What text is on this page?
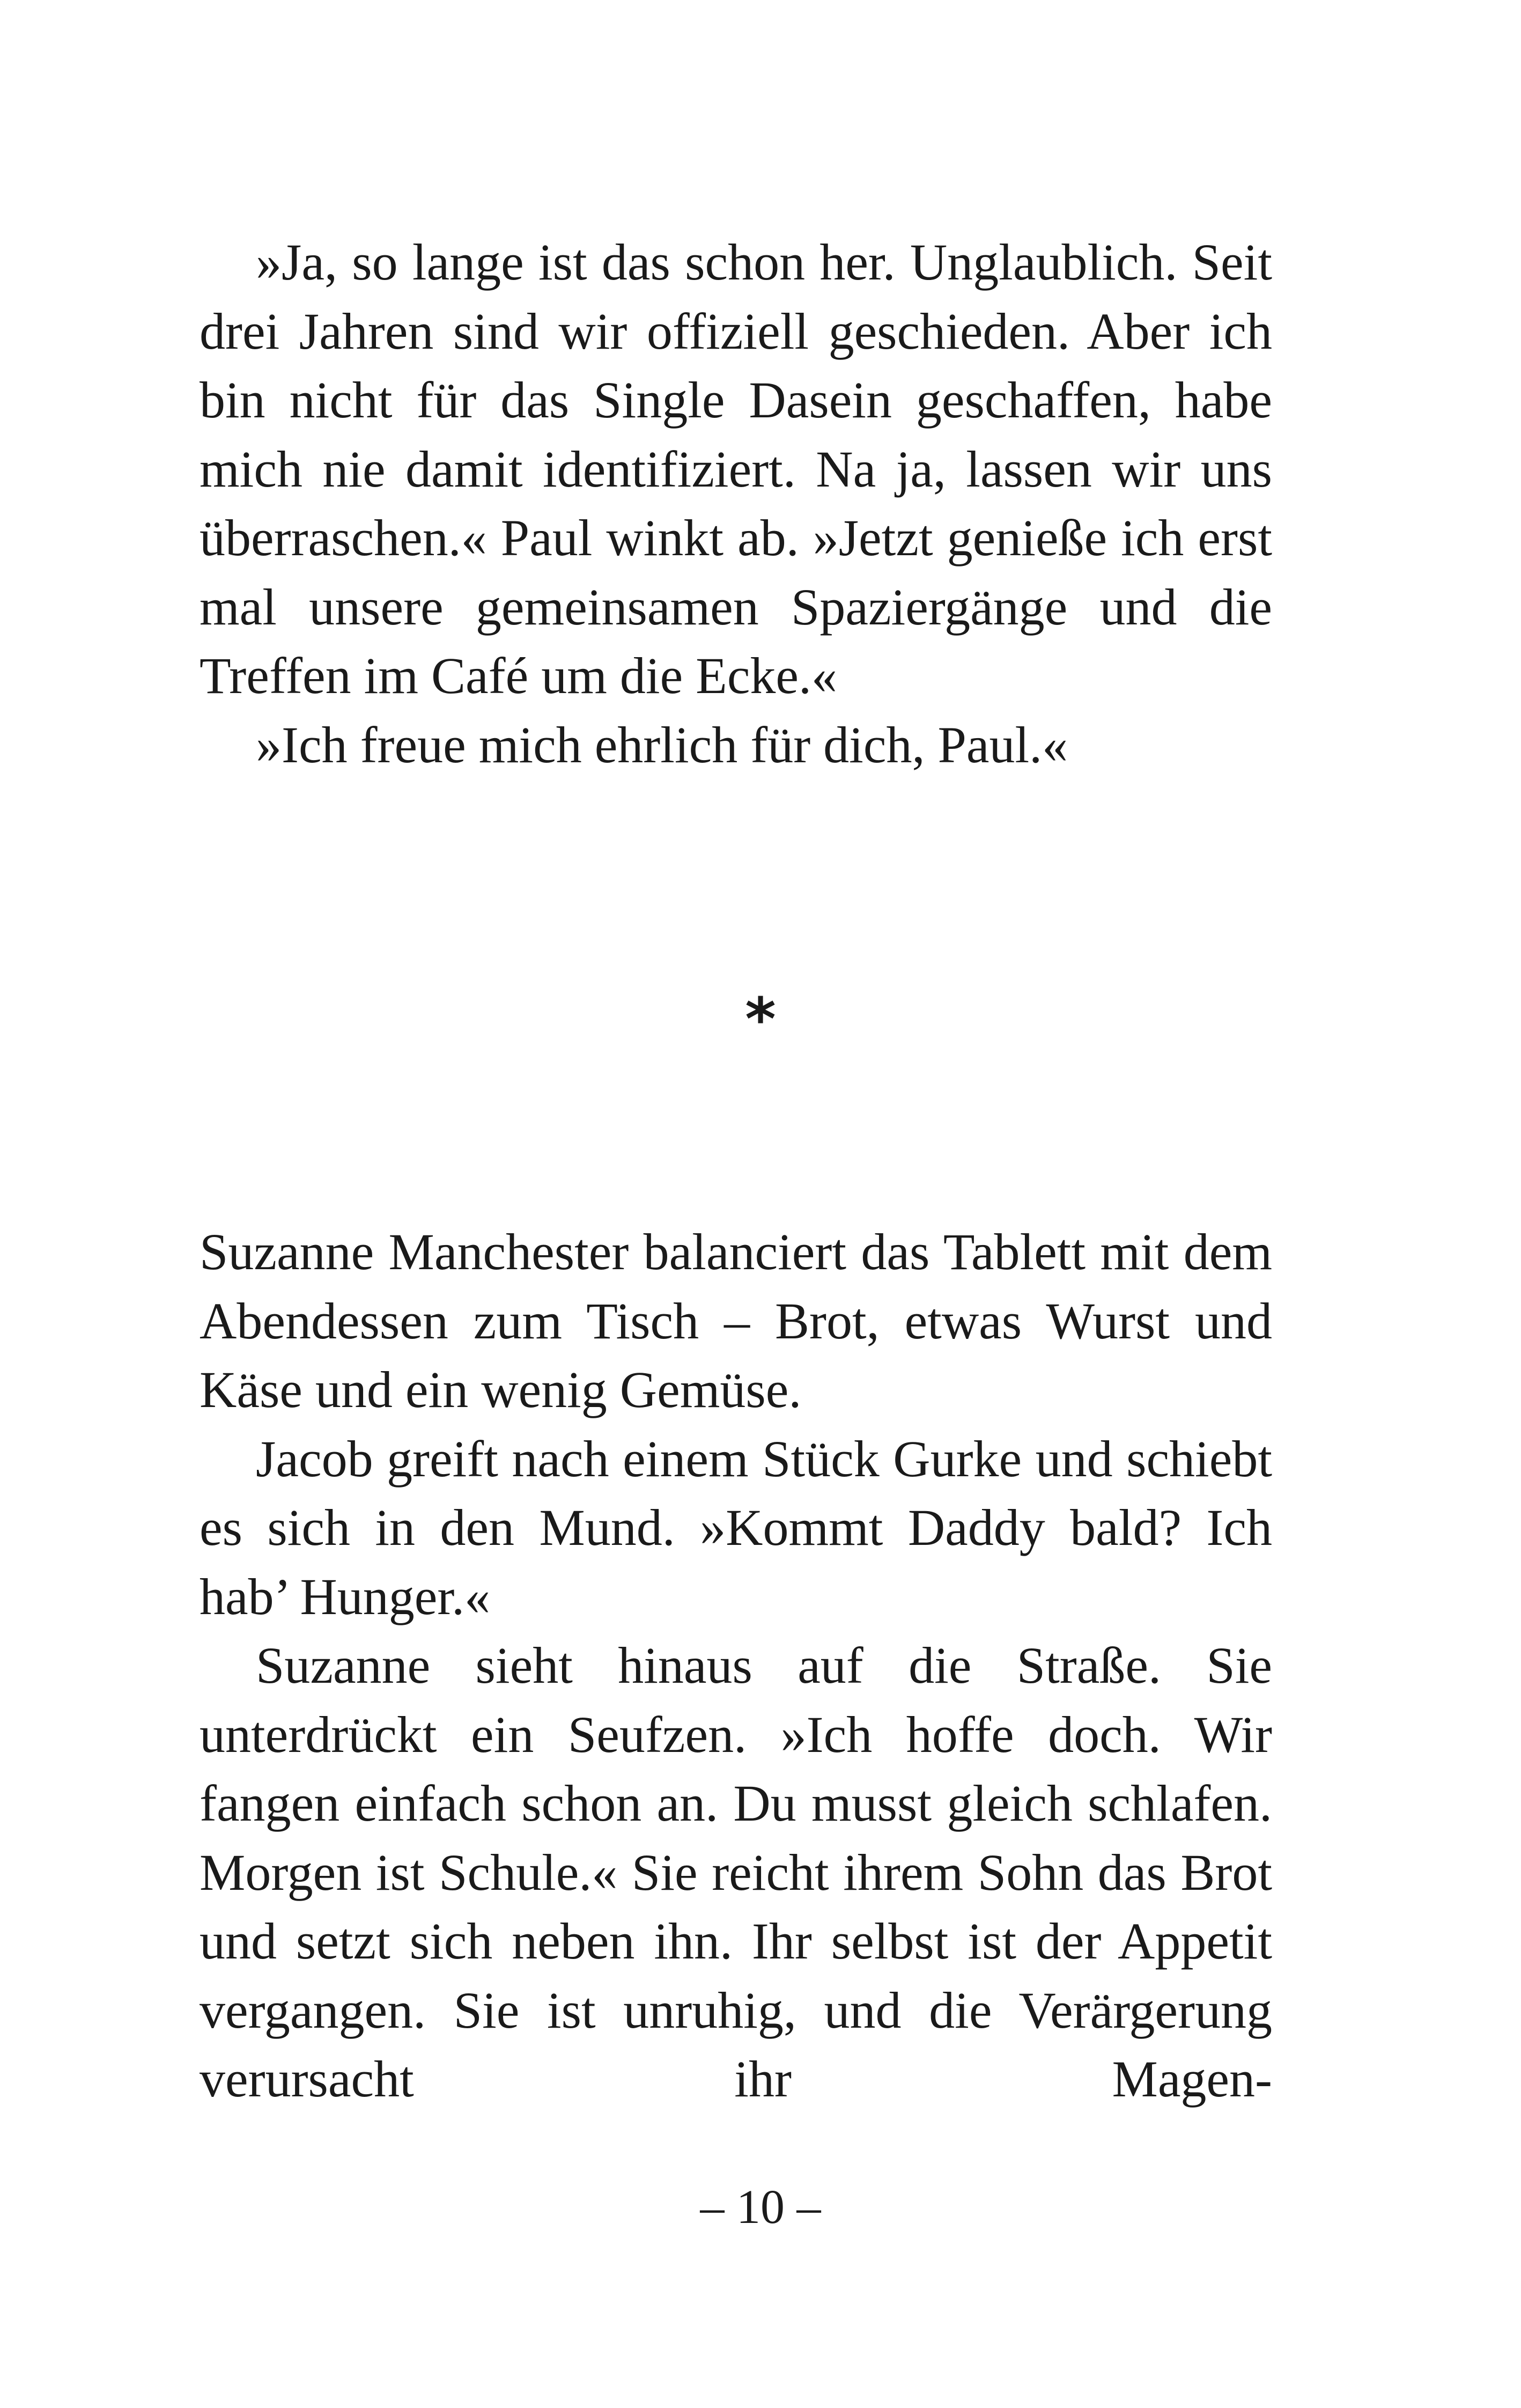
»Ja, so lange ist das schon her. Unglaublich. Seit drei Jahren sind wir offiziell geschieden. Aber ich bin nicht für das Single Dasein geschaffen, habe mich nie damit identifiziert. Na ja, lassen wir uns überraschen.« Paul winkt ab. »Jetzt genieße ich erst mal unsere gemeinsamen Spaziergänge und die Treffen im Café um die Ecke.«

»Ich freue mich ehrlich für dich, Paul.«

*

Suzanne Manchester balanciert das Tablett mit dem Abendessen zum Tisch – Brot, etwas Wurst und Käse und ein wenig Gemüse.

Jacob greift nach einem Stück Gurke und schiebt es sich in den Mund. »Kommt Daddy bald? Ich hab’ Hunger.«

Suzanne sieht hinaus auf die Straße. Sie unterdrückt ein Seufzen. »Ich hoffe doch. Wir fangen einfach schon an. Du musst gleich schlafen. Morgen ist Schule.« Sie reicht ihrem Sohn das Brot und setzt sich neben ihn. Ihr selbst ist der Appetit vergangen. Sie ist unruhig, und die Verärgerung verursacht ihr Magen-

– 10 –
